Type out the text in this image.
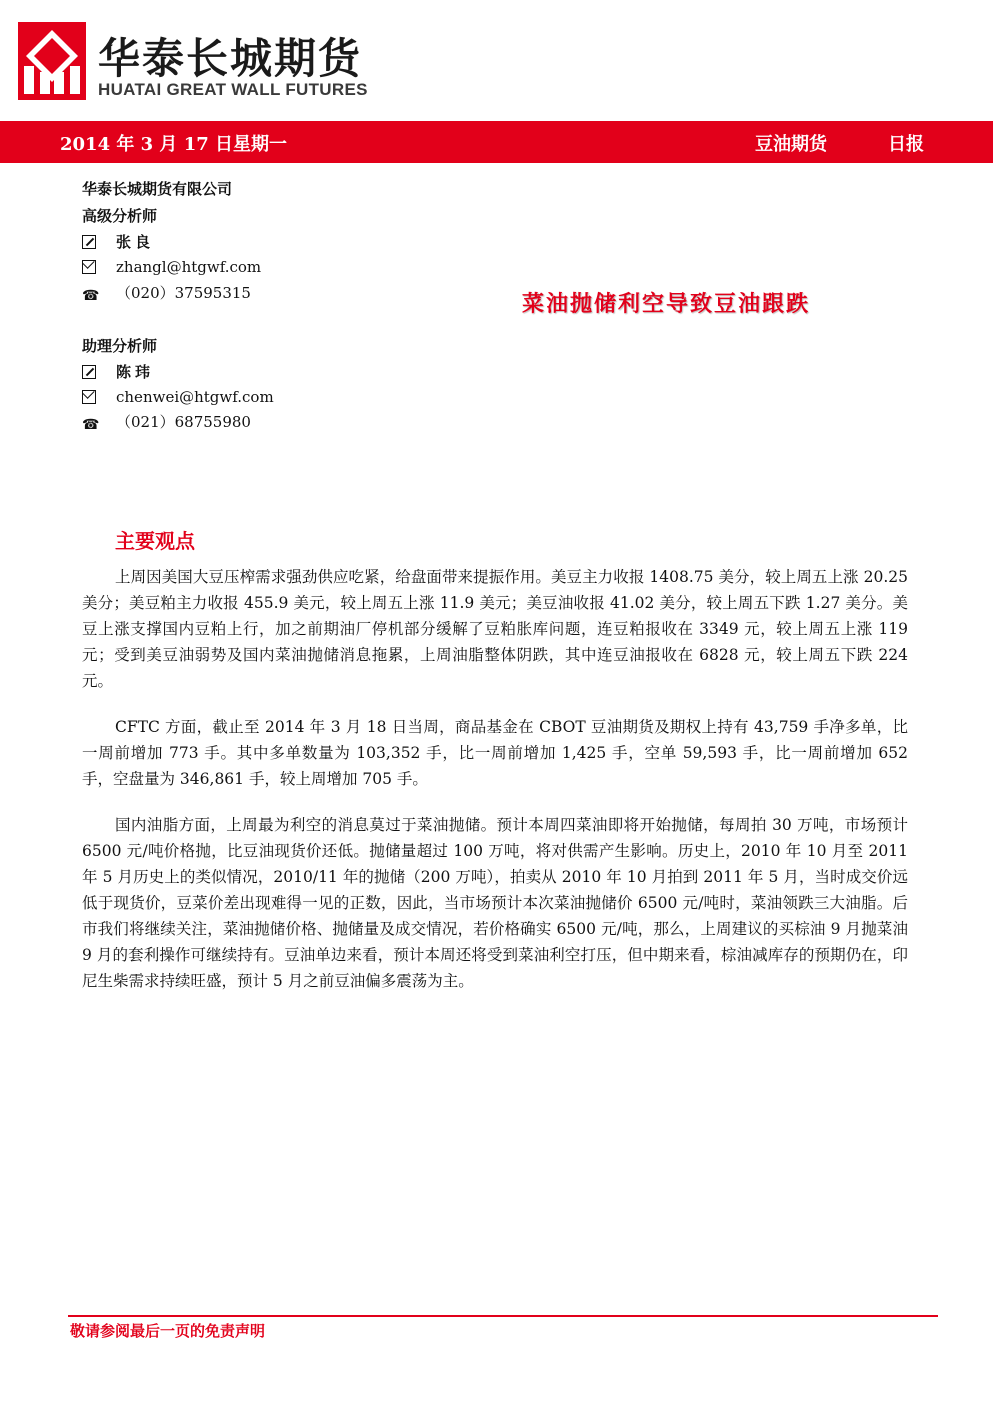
华泰长城期货
HUATAI GREAT WALL FUTURES
2014 年 3 月 17 日星期一	豆油期货	日报
华泰长城期货有限公司
高级分析师
张良
zhangl@htgwf.com
☎ （020）37595315
助理分析师
陈玮
chenwei@htgwf.com
☎ （021）68755980
菜油抛储利空导致豆油跟跌
主要观点

上周因美国大豆压榨需求强劲供应吃紧，给盘面带来提振作用。美豆主力收报 1408.75 美分，较上周五上涨 20.25 美分；美豆粕主力收报 455.9 美元，较上周五上涨 11.9 美元；美豆油收报 41.02 美分，较上周五下跌 1.27 美分。美豆上涨支撑国内豆粕上行，加之前期油厂停机部分缓解了豆粕胀库问题，连豆粕报收在 3349 元，较上周五上涨 119 元；受到美豆油弱势及国内菜油抛储消息拖累，上周油脂整体阴跌，其中连豆油报收在 6828 元，较上周五下跌 224 元。

CFTC 方面，截止至 2014 年 3 月 18 日当周，商品基金在 CBOT 豆油期货及期权上持有 43,759 手净多单，比一周前增加 773 手。其中多单数量为 103,352 手，比一周前增加 1,425 手，空单 59,593 手，比一周前增加 652 手，空盘量为 346,861 手，较上周增加 705 手。

国内油脂方面，上周最为利空的消息莫过于菜油抛储。预计本周四菜油即将开始抛储，每周拍 30 万吨，市场预计 6500 元/吨价格抛，比豆油现货价还低。抛储量超过 100 万吨，将对供需产生影响。历史上，2010 年 10 月至 2011 年 5 月历史上的类似情况，2010/11 年的抛储（200 万吨），拍卖从 2010 年 10 月拍到 2011 年 5 月，当时成交价远低于现货价，豆菜价差出现难得一见的正数，因此，当市场预计本次菜油抛储价 6500 元/吨时，菜油领跌三大油脂。后市我们将继续关注，菜油抛储价格、抛储量及成交情况，若价格确实 6500 元/吨，那么，上周建议的买棕油 9 月抛菜油 9 月的套利操作可继续持有。豆油单边来看，预计本周还将受到菜油利空打压，但中期来看，棕油减库存的预期仍在，印尼生柴需求持续旺盛，预计 5 月之前豆油偏多震荡为主。

敬请参阅最后一页的免责声明
